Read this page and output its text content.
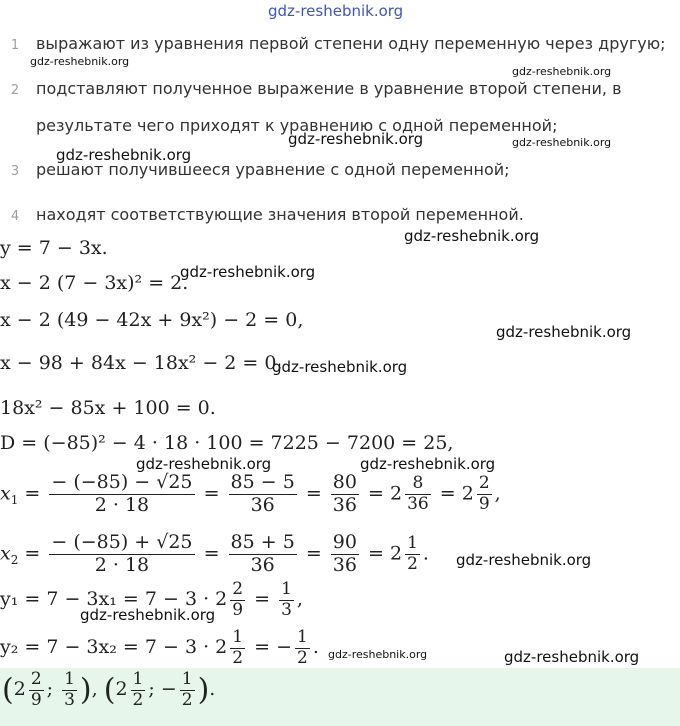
gdz-reshebnik.org
gdz-reshebnik.org
gdz-reshebnik.org
gdz-reshebnik.org	gdz-reshebnik.org
gdz-reshebnik.org
gdz-reshebnik.org
gdz-reshebnik.org
gdz-reshebnik.org
gdz-reshebnik.org
gdz-reshebnik.org	gdz-reshebnik.org
gdz-reshebnik.org
gdz-reshebnik.org
gdz-reshebnik.org	gdz-reshebnik.org
1 выражают из уравнения первой степени одну переменную через другую;
2 подставляют полученное выражение в уравнение второй степени, в
результате чего приходят к уравнению с одной переменной;
3 решают получившееся уравнение с одной переменной;
4 находят соответствующие значения второй переменной.
y = 7 − 3x.
x − 2 (7 − 3x)² = 2.
x − 2 (49 − 42x + 9x²) − 2 = 0,
x − 98 + 84x − 18x² − 2 = 0,
18x² − 85x + 100 = 0.
D = (−85)² − 4 · 18 · 100 = 7225 − 7200 = 25,
$x_1 = \frac{- (-85) - √25}{2 \cdot 18} = \frac{85 - 5}{36} = \frac{80}{36} = 2 \frac{8}{36} = 2 \frac{2}{9}$ ,
$x_2 = \frac{- (-85) + √25}{2 \cdot 18} = \frac{85 + 5}{36} = \frac{90}{36} = 2 \frac{1}{2}$ .
$y_1 = 7 - 3x_1 = 7 - 3 \cdot 2 \frac{2}{9} = \frac{1}{3}$ ,
$y_2 = 7 - 3x_2 = 7 - 3 \cdot 2 \frac{1}{2}$ = − $\frac{1}{2}$ .
($2 \frac{2}{9}$ ; $\frac{1}{3}$ ), ($2 \frac{1}{2}$ ; − $\frac{1}{2}$ ).
